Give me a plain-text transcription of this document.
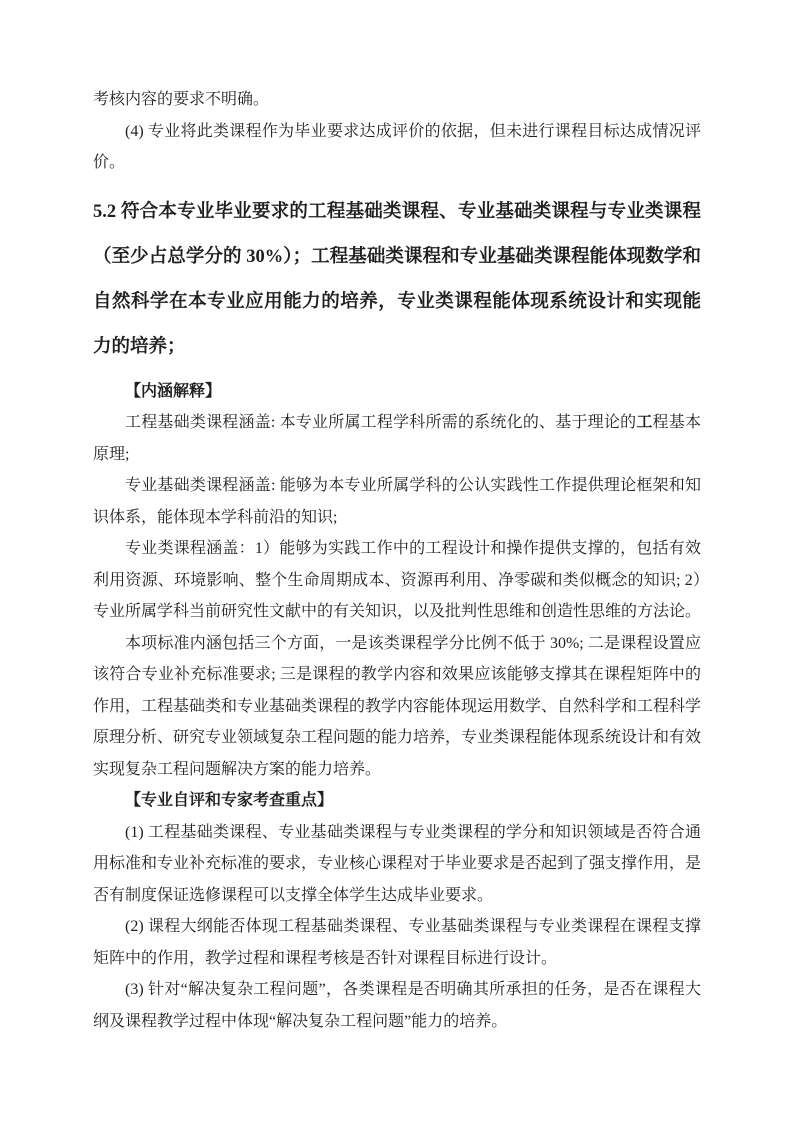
考核内容的要求不明确。

(4) 专业将此类课程作为毕业要求达成评价的依据，但未进行课程目标达成情况评价。

5.2 符合本专业毕业要求的工程基础类课程、专业基础类课程与专业类课程（至少占总学分的 30%）；工程基础类课程和专业基础类课程能体现数学和自然科学在本专业应用能力的培养，专业类课程能体现系统设计和实现能力的培养；

【内涵解释】

工程基础类课程涵盖: 本专业所属工程学科所需的系统化的、基于理论的工程基本原理;

专业基础类课程涵盖: 能够为本专业所属学科的公认实践性工作提供理论框架和知识体系，能体现本学科前沿的知识;

专业类课程涵盖：1）能够为实践工作中的工程设计和操作提供支撑的，包括有效利用资源、环境影响、整个生命周期成本、资源再利用、净零碳和类似概念的知识; 2）专业所属学科当前研究性文献中的有关知识，以及批判性思维和创造性思维的方法论。

本项标准内涵包括三个方面，一是该类课程学分比例不低于 30%; 二是课程设置应该符合专业补充标准要求; 三是课程的教学内容和效果应该能够支撑其在课程矩阵中的作用，工程基础类和专业基础类课程的教学内容能体现运用数学、自然科学和工程科学原理分析、研究专业领域复杂工程问题的能力培养，专业类课程能体现系统设计和有效实现复杂工程问题解决方案的能力培养。

【专业自评和专家考查重点】

(1) 工程基础类课程、专业基础类课程与专业类课程的学分和知识领域是否符合通用标准和专业补充标准的要求，专业核心课程对于毕业要求是否起到了强支撑作用，是否有制度保证选修课程可以支撑全体学生达成毕业要求。

(2) 课程大纲能否体现工程基础类课程、专业基础类课程与专业类课程在课程支撑矩阵中的作用，教学过程和课程考核是否针对课程目标进行设计。

(3) 针对“解决复杂工程问题”，各类课程是否明确其所承担的任务，是否在课程大纲及课程教学过程中体现“解决复杂工程问题”能力的培养。
